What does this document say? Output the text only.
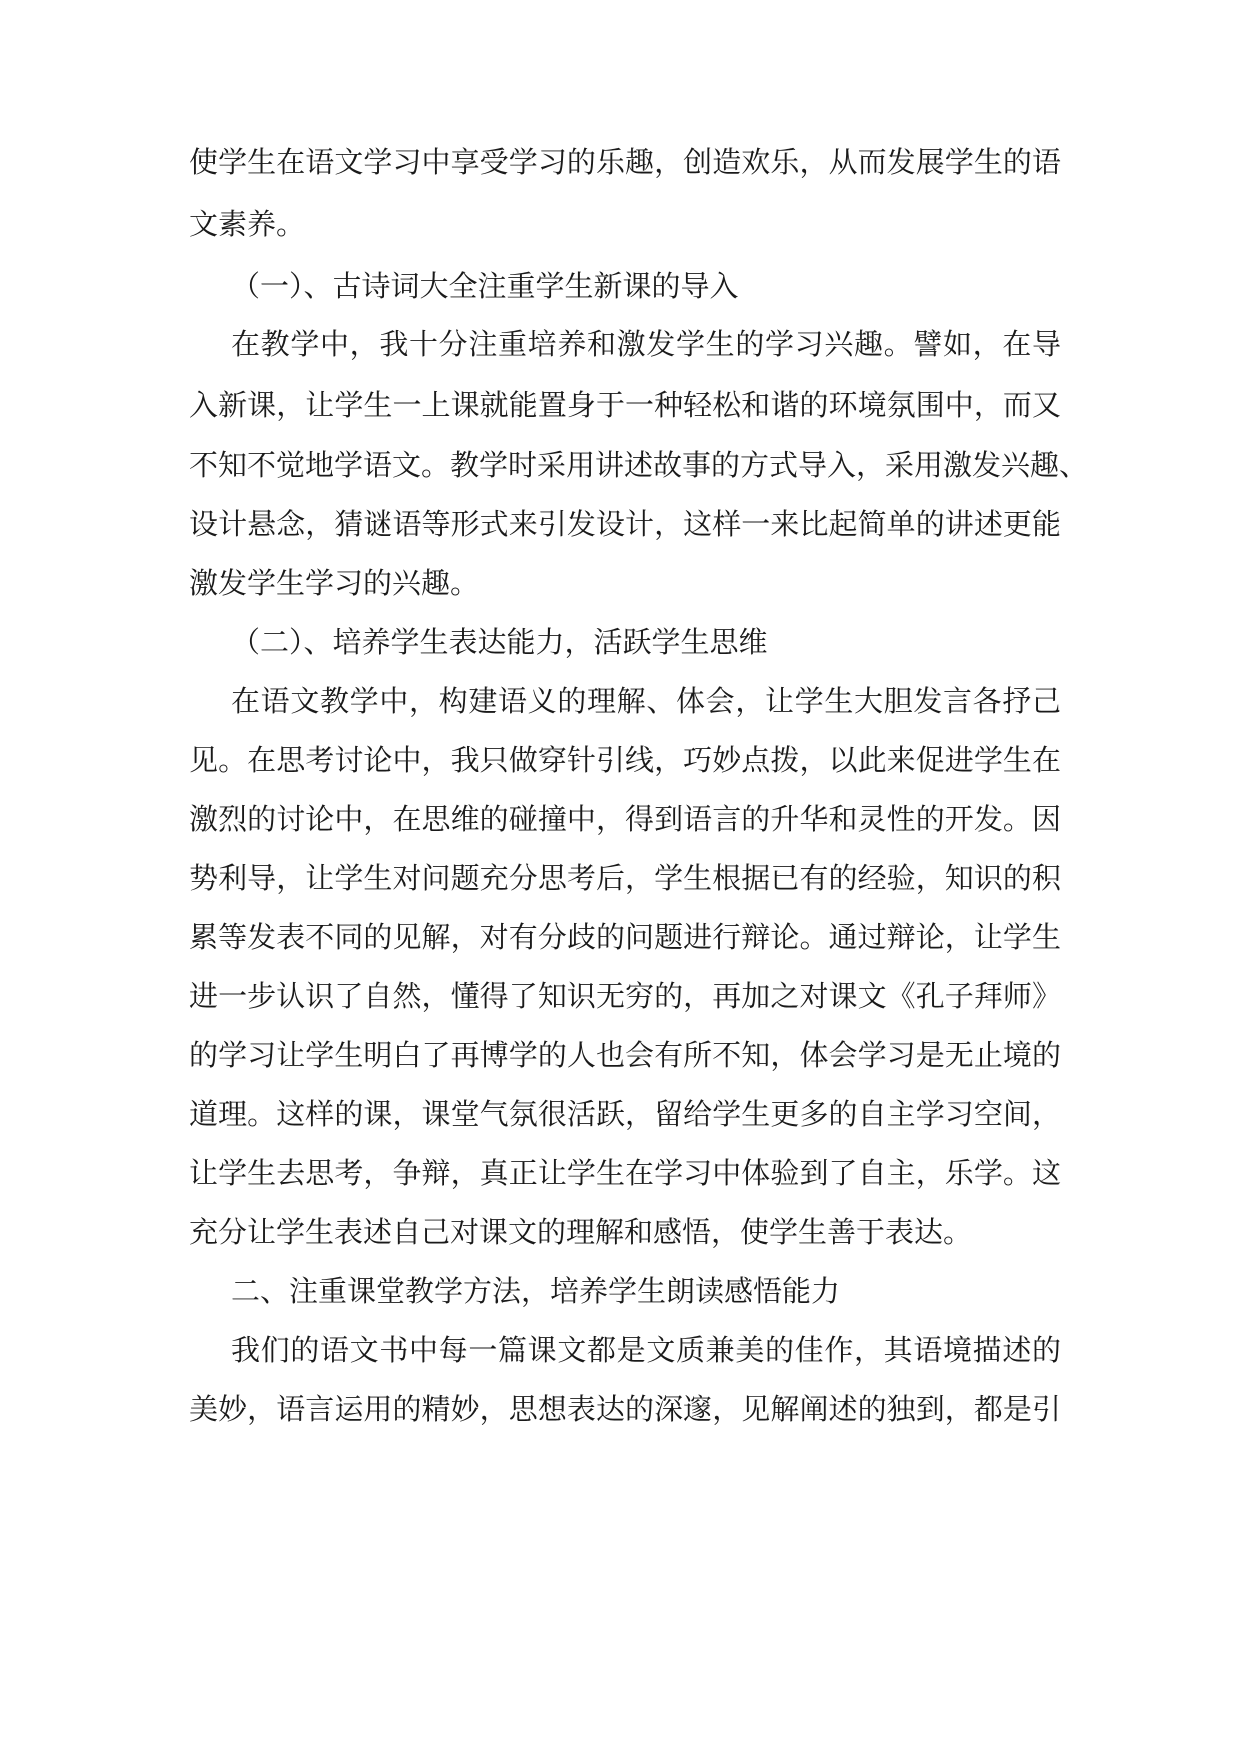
使学生在语文学习中享受学习的乐趣，创造欢乐，从而发展学生的语
文素养。
（一）、古诗词大全注重学生新课的导入
在教学中，我十分注重培养和激发学生的学习兴趣。譬如，在导
入新课，让学生一上课就能置身于一种轻松和谐的环境氛围中，而又
不知不觉地学语文。教学时采用讲述故事的方式导入，采用激发兴趣、
设计悬念，猜谜语等形式来引发设计，这样一来比起简单的讲述更能
激发学生学习的兴趣。
（二）、培养学生表达能力，活跃学生思维
在语文教学中，构建语义的理解、体会，让学生大胆发言各抒己
见。在思考讨论中，我只做穿针引线，巧妙点拨，以此来促进学生在
激烈的讨论中，在思维的碰撞中，得到语言的升华和灵性的开发。因
势利导，让学生对问题充分思考后，学生根据已有的经验，知识的积
累等发表不同的见解，对有分歧的问题进行辩论。通过辩论，让学生
进一步认识了自然，懂得了知识无穷的，再加之对课文《孔子拜师》
的学习让学生明白了再博学的人也会有所不知，体会学习是无止境的
道理。这样的课，课堂气氛很活跃，留给学生更多的自主学习空间，
让学生去思考，争辩，真正让学生在学习中体验到了自主，乐学。这
充分让学生表述自己对课文的理解和感悟，使学生善于表达。
二、注重课堂教学方法，培养学生朗读感悟能力
我们的语文书中每一篇课文都是文质兼美的佳作，其语境描述的
美妙，语言运用的精妙，思想表达的深邃，见解阐述的独到，都是引
